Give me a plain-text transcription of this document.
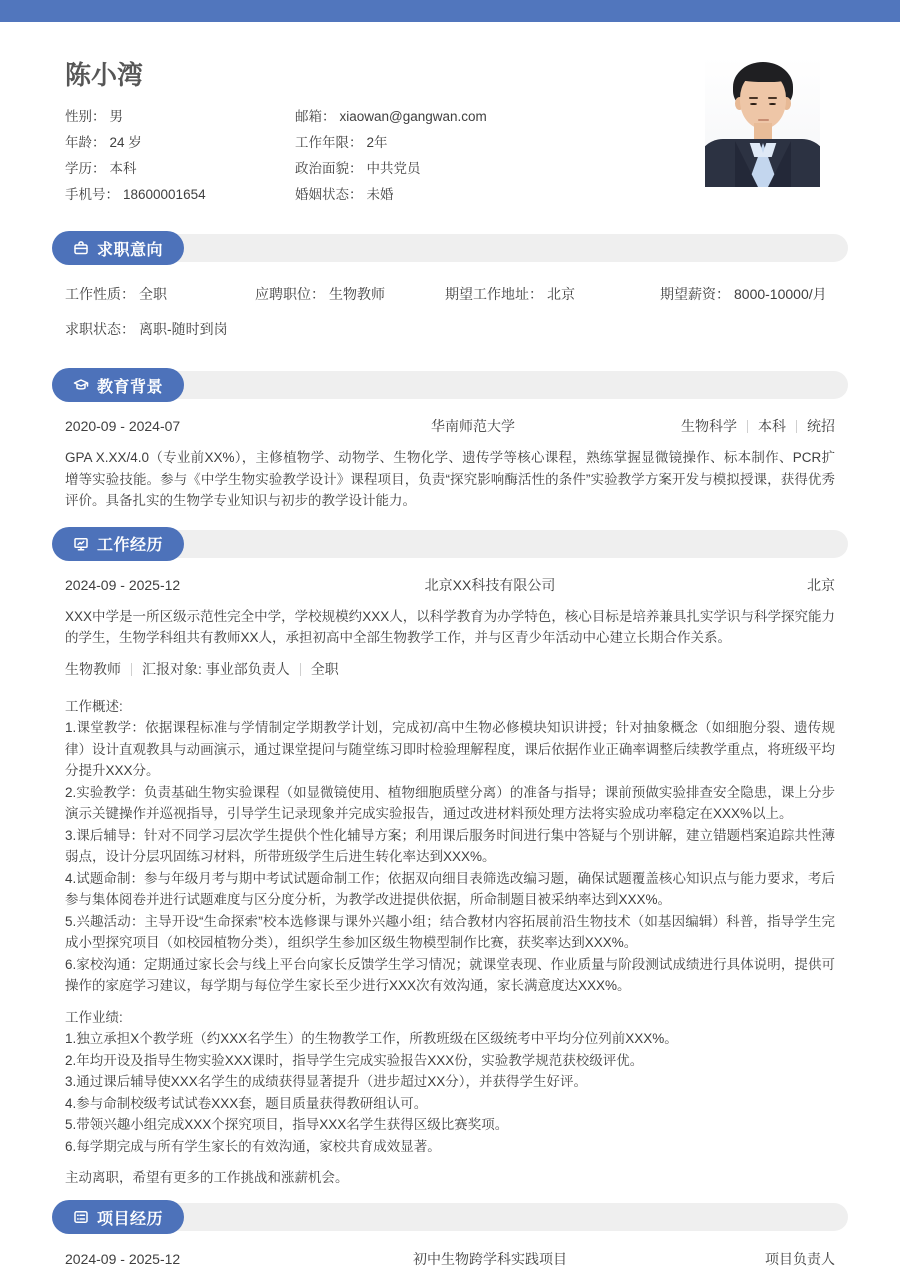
陈小湾
性别： 男
年龄： 24 岁
学历： 本科
手机号： 18600001654
邮箱： xiaowan@gangwan.com
工作年限： 2年
政治面貌： 中共党员
婚姻状态： 未婚
求职意向
工作性质： 全职	应聘职位： 生物教师	期望工作地址： 北京	期望薪资： 8000-10000/月
求职状态： 离职-随时到岗
教育背景
2020-09 - 2024-07	华南师范大学	生物科学 本科 统招
GPA X.XX/4.0（专业前XX%），主修植物学、动物学、生物化学、遗传学等核心课程，熟练掌握显微镜操作、标本制作、PCR扩增等实验技能。参与《中学生物实验教学设计》课程项目，负责“探究影响酶活性的条件”实验教学方案开发与模拟授课，获得优秀评价。具备扎实的生物学专业知识与初步的教学设计能力。
工作经历
2024-09 - 2025-12	北京XX科技有限公司	北京
XXX中学是一所区级示范性完全中学，学校规模约XXX人，以科学教育为办学特色，核心目标是培养兼具扎实学识与科学探究能力的学生，生物学科组共有教师XX人，承担初高中全部生物教学工作，并与区青少年活动中心建立长期合作关系。
生物教师 汇报对象: 事业部负责人 全职

工作概述:

1.课堂教学：依据课程标准与学情制定学期教学计划，完成初/高中生物必修模块知识讲授；针对抽象概念（如细胞分裂、遗传规律）设计直观教具与动画演示，通过课堂提问与随堂练习即时检验理解程度，课后依据作业正确率调整后续教学重点，将班级平均分提升XXX分。

2.实验教学：负责基础生物实验课程（如显微镜使用、植物细胞质壁分离）的准备与指导；课前预做实验排查安全隐患，课上分步演示关键操作并巡视指导，引导学生记录现象并完成实验报告，通过改进材料预处理方法将实验成功率稳定在XXX%以上。

3.课后辅导：针对不同学习层次学生提供个性化辅导方案；利用课后服务时间进行集中答疑与个别讲解，建立错题档案追踪共性薄弱点，设计分层巩固练习材料，所带班级学生后进生转化率达到XXX%。

4.试题命制：参与年级月考与期中考试试题命制工作；依据双向细目表筛选改编习题，确保试题覆盖核心知识点与能力要求，考后参与集体阅卷并进行试题难度与区分度分析，为教学改进提供依据，所命制题目被采纳率达到XXX%。

5.兴趣活动：主导开设“生命探索”校本选修课与课外兴趣小组；结合教材内容拓展前沿生物技术（如基因编辑）科普，指导学生完成小型探究项目（如校园植物分类），组织学生参加区级生物模型制作比赛，获奖率达到XXX%。

6.家校沟通：定期通过家长会与线上平台向家长反馈学生学习情况；就课堂表现、作业质量与阶段测试成绩进行具体说明，提供可操作的家庭学习建议，每学期与每位学生家长至少进行XXX次有效沟通，家长满意度达XXX%。

工作业绩:

1.独立承担X个教学班（约XXX名学生）的生物教学工作，所教班级在区级统考中平均分位列前XXX%。

2.年均开设及指导生物实验XXX课时，指导学生完成实验报告XXX份，实验教学规范获校级评优。

3.通过课后辅导使XXX名学生的成绩获得显著提升（进步超过XX分），并获得学生好评。

4.参与命制校级考试试卷XXX套，题目质量获得教研组认可。

5.带领兴趣小组完成XXX个探究项目，指导XXX名学生获得区级比赛奖项。

6.每学期完成与所有学生家长的有效沟通，家校共育成效显著。

主动离职，希望有更多的工作挑战和涨薪机会。
项目经历
2024-09 - 2025-12	初中生物跨学科实践项目	项目负责人
